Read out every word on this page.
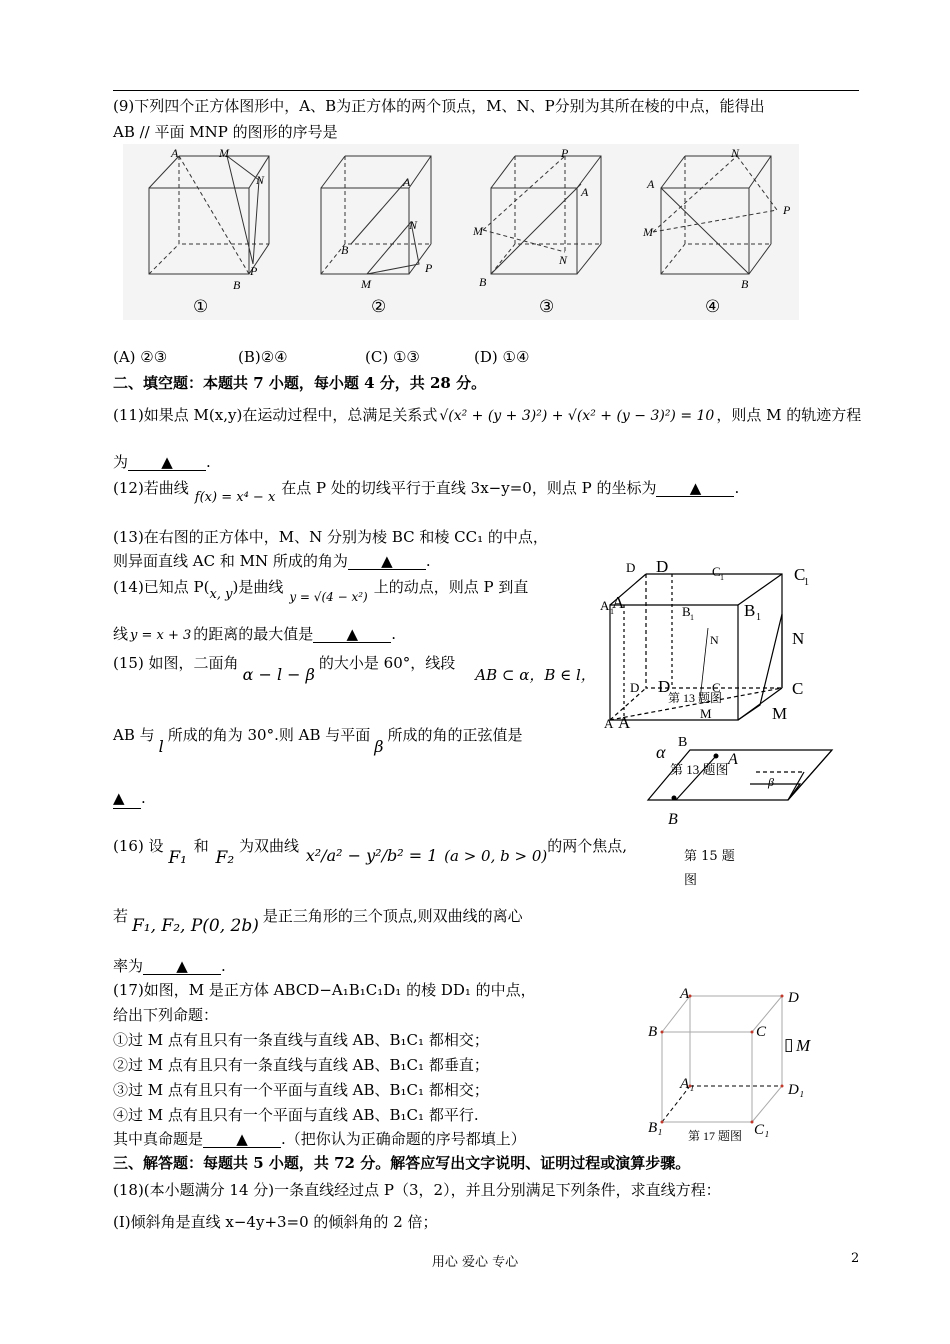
(9)下列四个正方体图形中，A、B为正方体的两个顶点，M、N、P分别为其所在棱的中点，能得出
AB // 平面 MNP 的图形的序号是
A	M
N
B
P
A
N
B
M
P
P
A
M
N
B
N
A
M
P
B
①	②	③	④
(A) ②③	(B)②④	(C) ①③	(D) ①④
二、填空题：本题共 7 小题，每小题 4 分，共 28 分。
(11)如果点 M(x,y)在运动过程中，总满足关系式 √(x² + (y + 3)²) + √(x² + (y − 3)²) = 10 ，则点 M 的轨迹方程
为 ▲ .
(12)若曲线f(x) = x⁴ − x在点 P 处的切线平行于直线 3x−y=0，则点 P 的坐标为 ▲ .
(13)在右图的正方体中，M、N 分别为棱 BC 和棱 CC₁ 的中点，
则异面直线 AC 和 MN 所成的角为 ▲ .
(14)已知点 P(x, y)是曲线$_{y = √(4 - x^2)}$上的动点，则点 P 到直
线 y = x + 3 的距离的最大值是 ▲ .
(15) 如图，二面角α − l − β的大小是 60°，线段AB ⊂ α，B ∈ l，
AB 与l所成的角为 30°.则 AB 与平面β所成的角的正弦值是
▲ .
(16) 设 F₁ 和 F₂ 为双曲线 x²/a² − y²/b² = 1 (a > 0, b > 0)的两个焦点,
若 F₁, F₂, P(0, 2b) 是正三角形的三个顶点,则双曲线的离心
率为 ▲ .
(17)如图，M 是正方体 ABCD−A₁B₁C₁D₁ 的棱 DD₁ 的中点，
给出下列命题：
①过 M 点有且只有一条直线与直线 AB、B₁C₁ 都相交；
②过 M 点有且只有一条直线与直线 AB、B₁C₁ 都垂直；
③过 M 点有且只有一个平面与直线 AB、B₁C₁ 都相交；
④过 M 点有且只有一个平面与直线 AB、B₁C₁ 都平行.
其中真命题是 ▲ .（把你认为正确命题的序号都填上）
三、解答题：每题共 5 小题，共 72 分。解答应写出文字说明、证明过程或演算步骤。
(18)(本小题满分 14 分)一条直线经过点 P（3，2），并且分别满足下列条件，求直线方程：
(Ⅰ)倾斜角是直线 x−4y+3=0 的倾斜角的 2 倍；
D
D	C
1
C 1
A
A 1	B 1
B 1
N
N
C
D
D
M
M
A
A
B
C
第 13 题图
α
β
A
B
第 13 题图
第 15 题图
A	D
B	C
▯ M
A₁	D₁
B₁	C₁
第 17 题图
用心 爱心 专心	2
